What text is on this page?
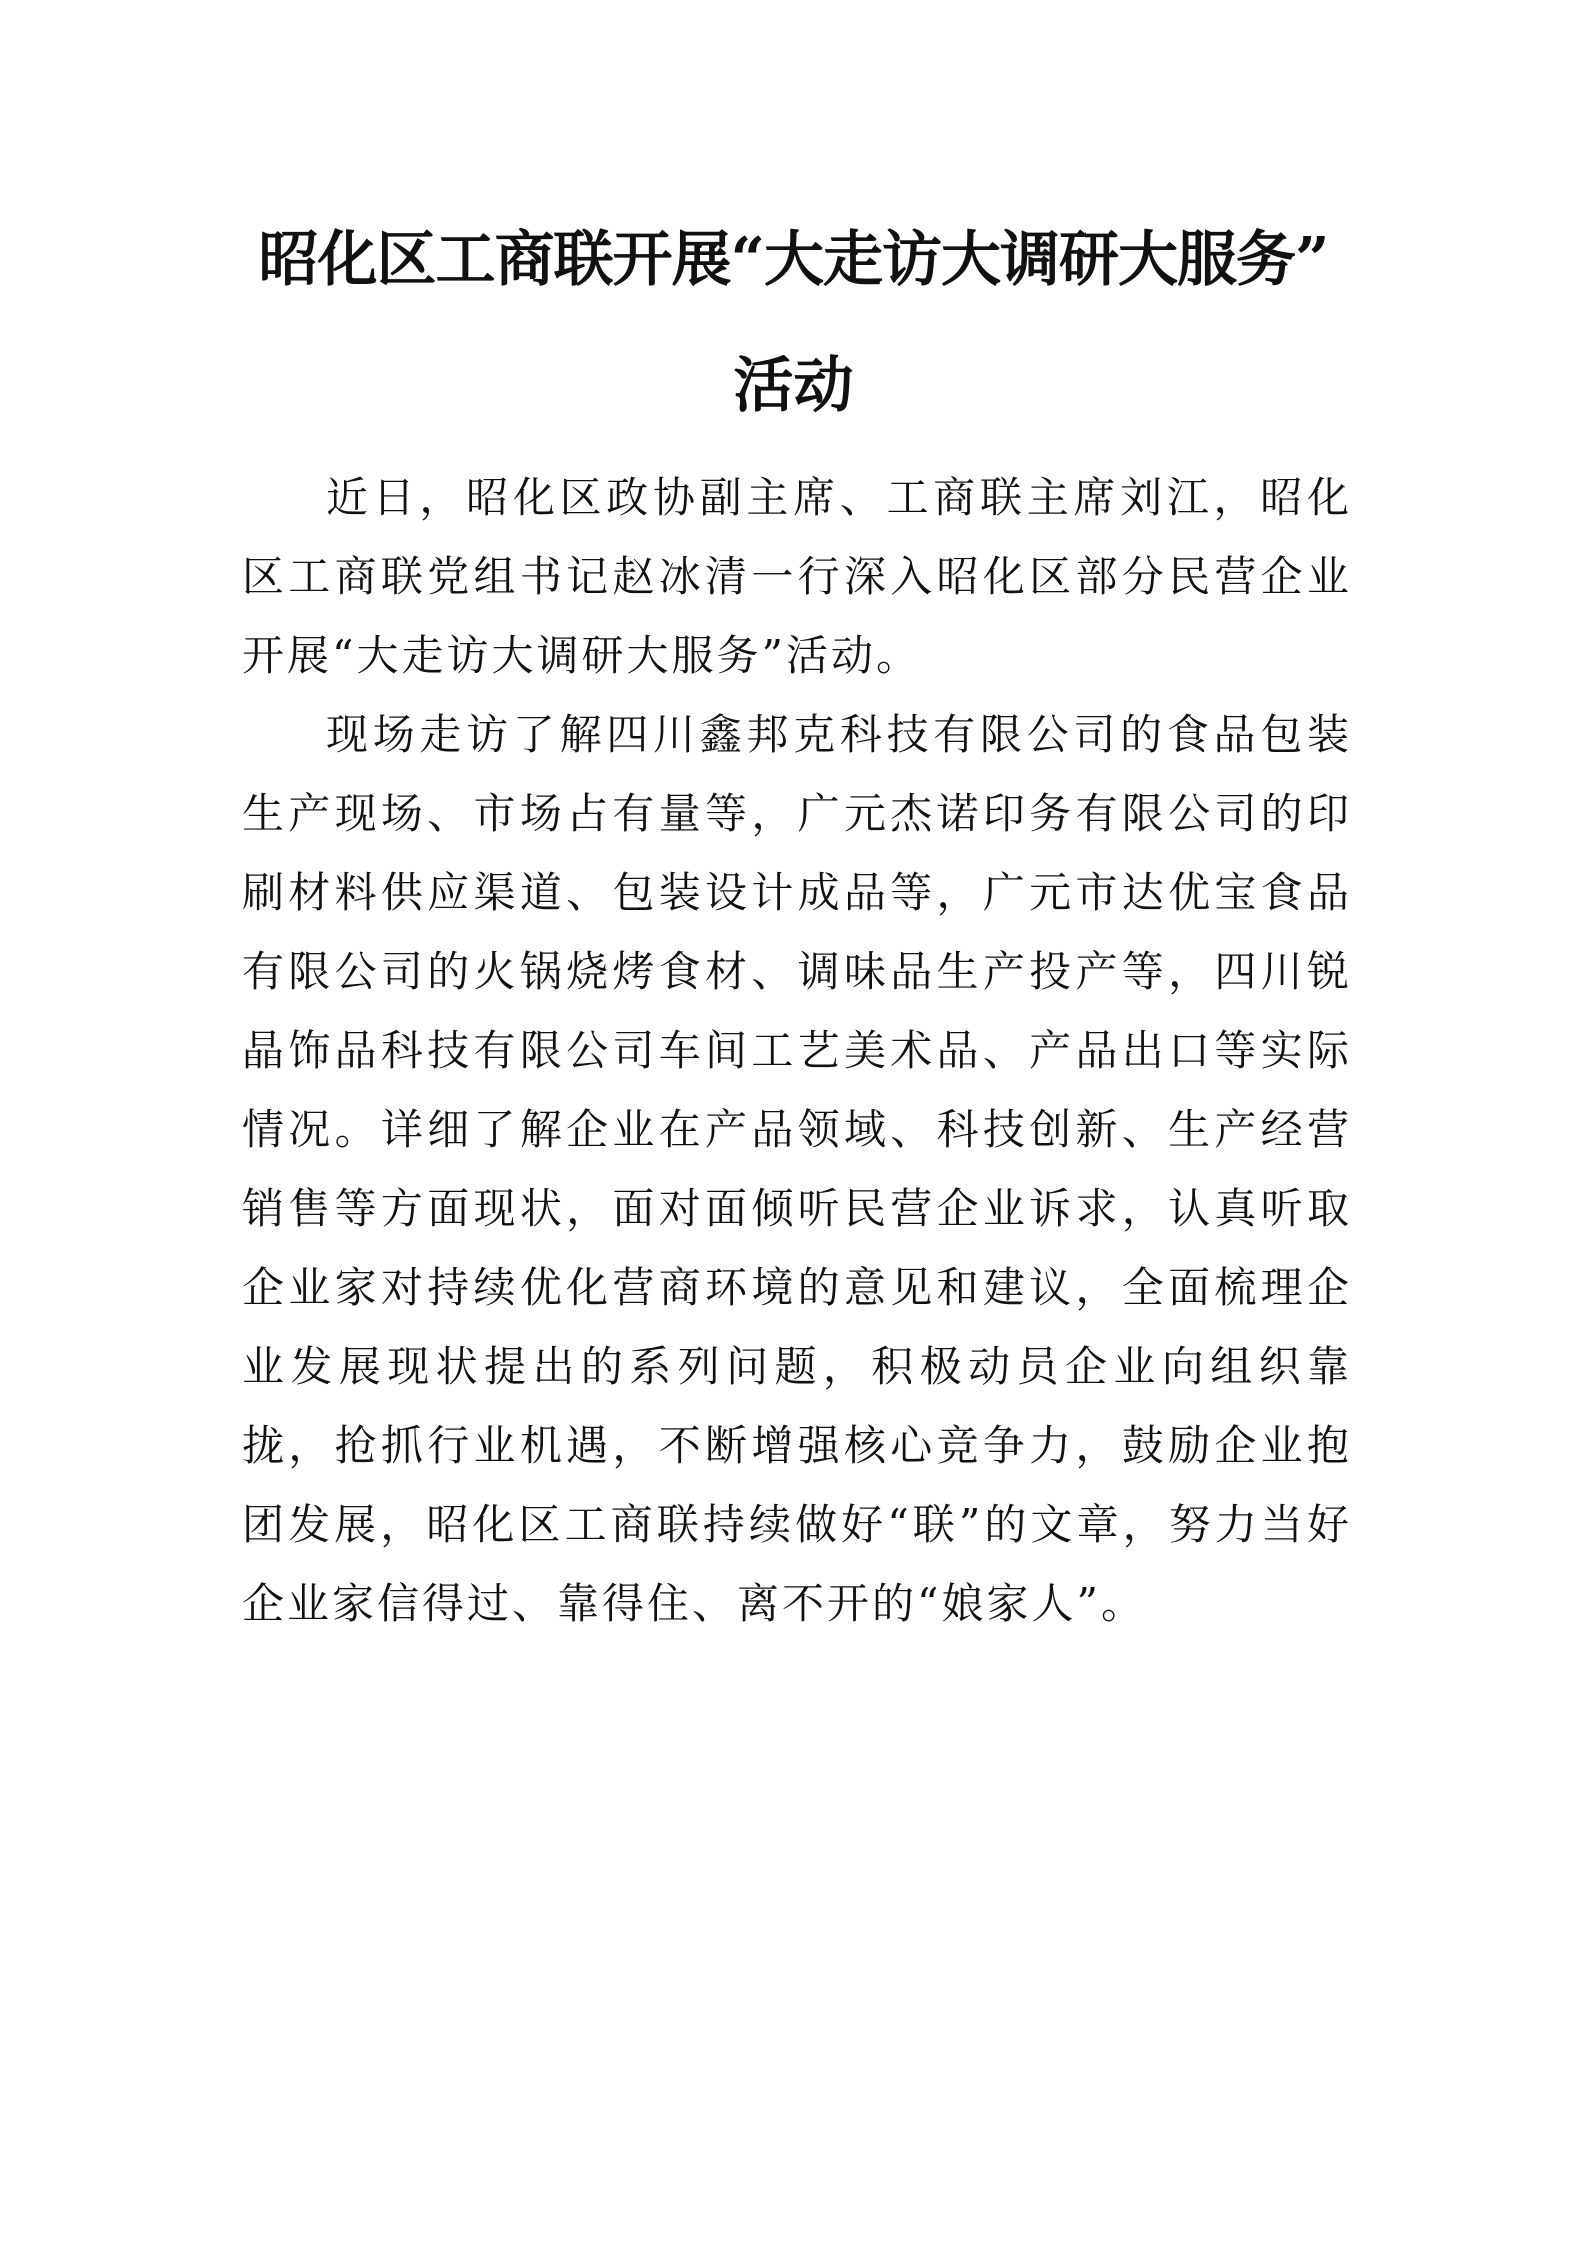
昭化区工商联开展“大走访大调研大服务”
活动

近日，昭化区政协副主席、工商联主席刘江，昭化区工商联党组书记赵冰清一行深入昭化区部分民营企业开展“大走访大调研大服务”活动。

现场走访了解四川鑫邦克科技有限公司的食品包装生产现场、市场占有量等，广元杰诺印务有限公司的印刷材料供应渠道、包装设计成品等，广元市达优宝食品有限公司的火锅烧烤食材、调味品生产投产等，四川锐晶饰品科技有限公司车间工艺美术品、产品出口等实际情况。详细了解企业在产品领域、科技创新、生产经营销售等方面现状，面对面倾听民营企业诉求，认真听取企业家对持续优化营商环境的意见和建议，全面梳理企业发展现状提出的系列问题，积极动员企业向组织靠拢，抢抓行业机遇，不断增强核心竞争力，鼓励企业抱团发展，昭化区工商联持续做好“联”的文章，努力当好企业家信得过、靠得住、离不开的“娘家人”。
